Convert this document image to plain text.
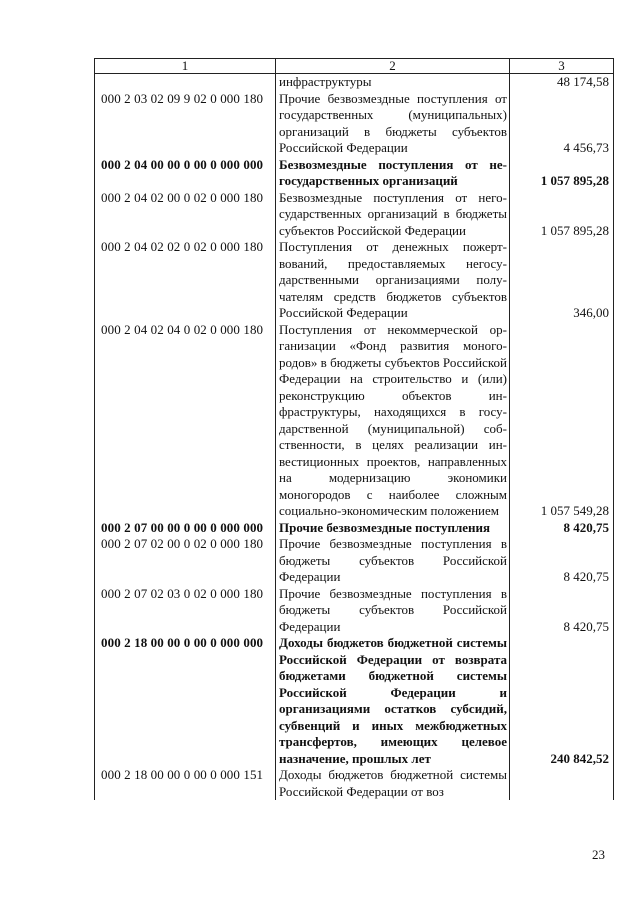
1	2	3
	инфраструктуры	48 174,58
000 2 03 02 09 9 02 0 000 180	Прочие безвозмездные поступления от государственных (муниципальных) организаций в бюджеты субъектов Российской Федерации	4 456,73
000 2 04 00 00 0 00 0 000 000	Безвозмездные поступления от негосударственных организаций	1 057 895,28
000 2 04 02 00 0 02 0 000 180	Безвозмездные поступления от негосударственных организаций в бюджеты субъектов Российской Федерации	1 057 895,28
000 2 04 02 02 0 02 0 000 180	Поступления от денежных пожертвований, предоставляемых негосударственными организациями получателям средств бюджетов субъектов Российской Федерации	346,00
000 2 04 02 04 0 02 0 000 180	Поступления от некоммерческой организации «Фонд развития моногородов» в бюджеты субъектов Российской Федерации на строительство и (или) реконструкцию объектов инфраструктуры, находящихся в государственной (муниципальной) собственности, в целях реализации инвестиционных проектов, направленных на модернизацию экономики моногородов с наиболее сложным социально-экономическим положением	1 057 549,28
000 2 07 00 00 0 00 0 000 000	Прочие безвозмездные поступления	8 420,75
000 2 07 02 00 0 02 0 000 180	Прочие безвозмездные поступления в бюджеты субъектов Российской Федерации	8 420,75
000 2 07 02 03 0 02 0 000 180	Прочие безвозмездные поступления в бюджеты субъектов Российской Федерации	8 420,75
000 2 18 00 00 0 00 0 000 000	Доходы бюджетов бюджетной системы Российской Федерации от возврата бюджетами бюджетной системы Российской Федерации и организациями остатков субсидий, субвенций и иных межбюджетных трансфертов, имеющих целевое назначение, прошлых лет	240 842,52
000 2 18 00 00 0 00 0 000 151	Доходы бюджетов бюджетной системы Российской Федерации от воз	
23
